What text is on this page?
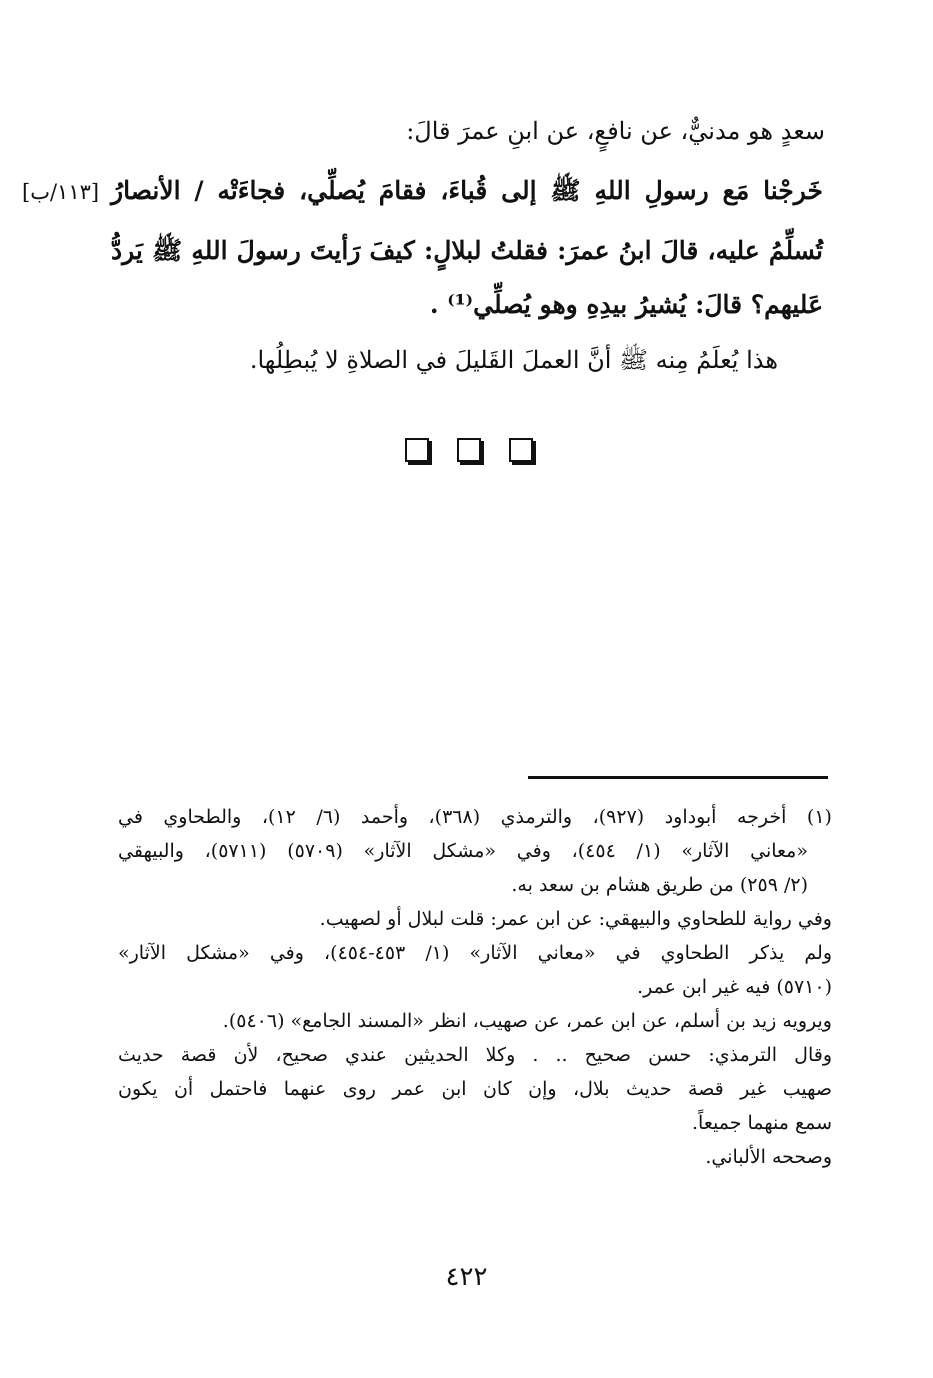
[١١٣/ب]
سعدٍ هو مدنيٌّ، عن نافعٍ، عن ابنِ عمرَ قالَ:
خَرجْنا مَع رسولِ اللهِ ﷺ إلى قُباءَ، فقامَ يُصلِّي، فجاءَتْه / الأنصارُ
تُسلِّمُ عليه، قالَ ابنُ عمرَ: فقلتُ لبلالٍ: كيفَ رَأيتَ رسولَ اللهِ ﷺ يَردُّ
عَليهم؟ قالَ: يُشيرُ بيدِهِ وهو يُصلِّي⁽¹⁾ .
هذا يُعلَمُ مِنه ﷺ أنَّ العملَ القَليلَ في الصلاةِ لا يُبطِلُها.
(١) أخرجه أبوداود (٩٢٧)، والترمذي (٣٦٨)، وأحمد (٦/ ١٢)، والطحاوي في
«معاني الآثار» (١/ ٤٥٤)، وفي «مشكل الآثار» (٥٧٠٩) (٥٧١١)، والبيهقي
(٢/ ٢٥٩) من طريق هشام بن سعد به.
وفي رواية للطحاوي والبيهقي: عن ابن عمر: قلت لبلال أو لصهيب.
ولم يذكر الطحاوي في «معاني الآثار» (١/ ٤٥٣-٤٥٤)، وفي «مشكل الآثار»
(٥٧١٠) فيه غير ابن عمر.
ويرويه زيد بن أسلم، عن ابن عمر، عن صهيب، انظر «المسند الجامع» (٥٤٠٦).
وقال الترمذي: حسن صحيح .. . وكلا الحديثين عندي صحيح، لأن قصة حديث
صهيب غير قصة حديث بلال، وإن كان ابن عمر روى عنهما فاحتمل أن يكون
سمع منهما جميعاً.
وصححه الألباني.
٤٢٢
